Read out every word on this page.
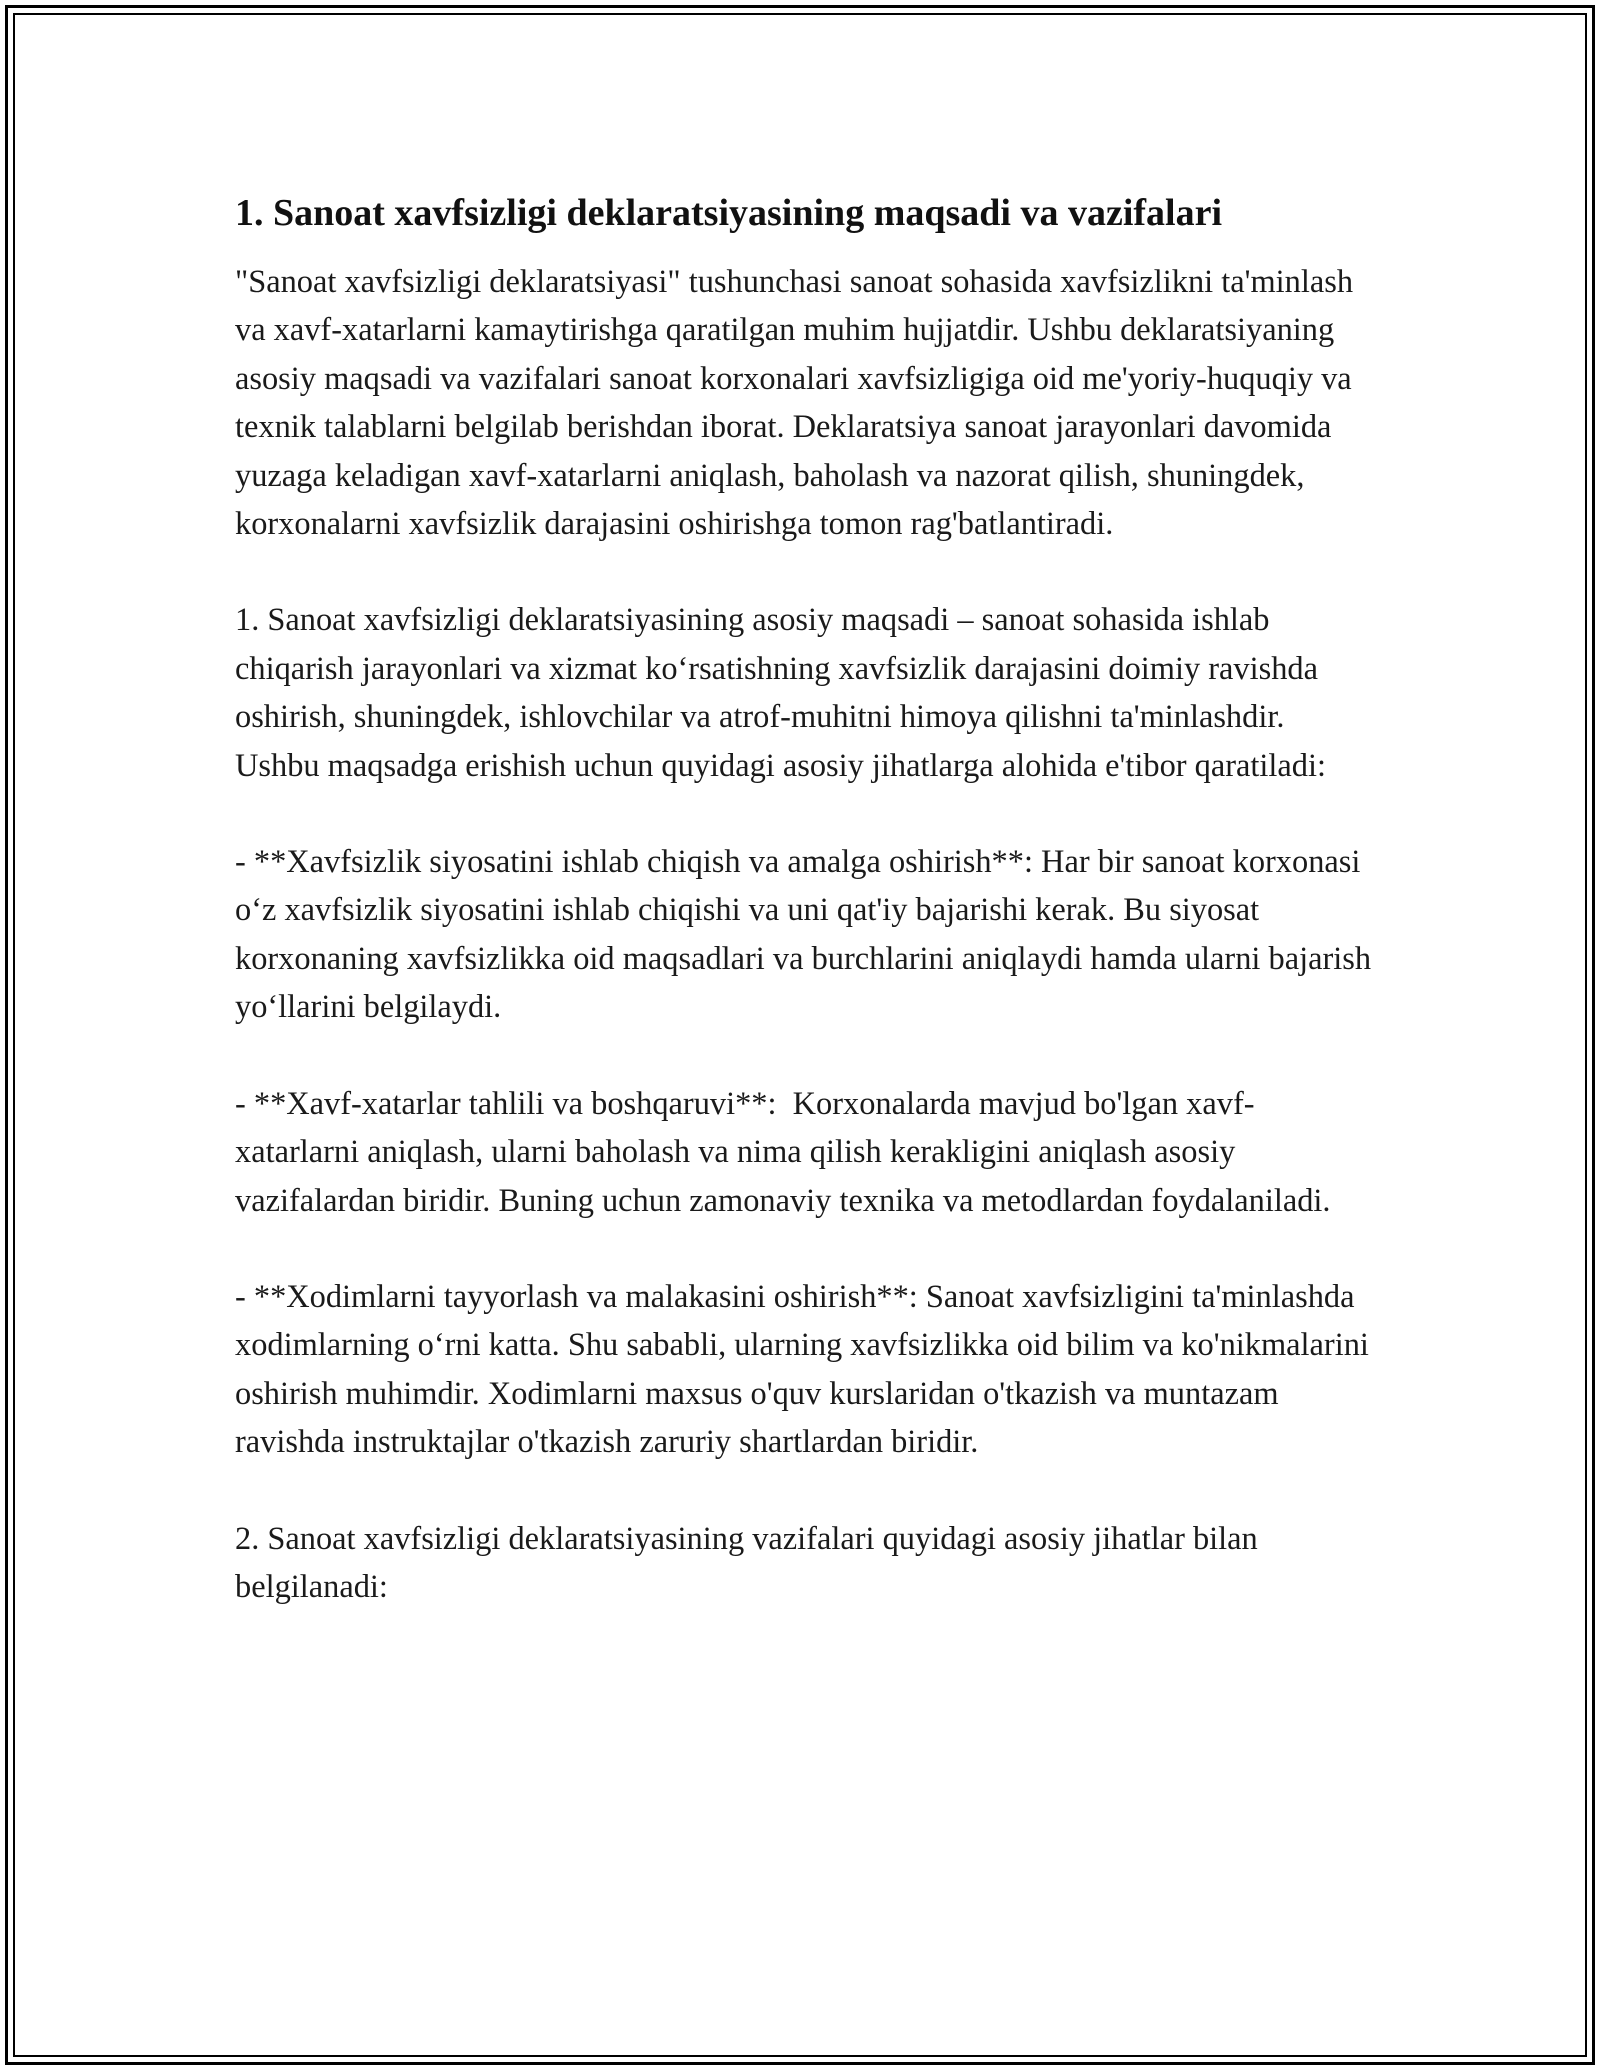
1. Sanoat xavfsizligi deklaratsiyasining maqsadi va vazifalari

"Sanoat xavfsizligi deklaratsiyasi" tushunchasi sanoat sohasida xavfsizlikni ta'minlash va xavf-xatarlarni kamaytirishga qaratilgan muhim hujjatdir. Ushbu deklaratsiyaning asosiy maqsadi va vazifalari sanoat korxonalari xavfsizligiga oid me'yoriy-huquqiy va texnik talablarni belgilab berishdan iborat. Deklaratsiya sanoat jarayonlari davomida yuzaga keladigan xavf-xatarlarni aniqlash, baholash va nazorat qilish, shuningdek, korxonalarni xavfsizlik darajasini oshirishga tomon rag'batlantiradi.

1. Sanoat xavfsizligi deklaratsiyasining asosiy maqsadi – sanoat sohasida ishlab chiqarish jarayonlari va xizmat koʻrsatishning xavfsizlik darajasini doimiy ravishda oshirish, shuningdek, ishlovchilar va atrof-muhitni himoya qilishni ta'minlashdir. Ushbu maqsadga erishish uchun quyidagi asosiy jihatlarga alohida e'tibor qaratiladi:

- **Xavfsizlik siyosatini ishlab chiqish va amalga oshirish**: Har bir sanoat korxonasi oʻz xavfsizlik siyosatini ishlab chiqishi va uni qat'iy bajarishi kerak. Bu siyosat korxonaning xavfsizlikka oid maqsadlari va burchlarini aniqlaydi hamda ularni bajarish yoʻllarini belgilaydi.

- **Xavf-xatarlar tahlili va boshqaruvi**:  Korxonalarda mavjud bo'lgan xavf-xatarlarni aniqlash, ularni baholash va nima qilish kerakligini aniqlash asosiy vazifalardan biridir. Buning uchun zamonaviy texnika va metodlardan foydalaniladi.

- **Xodimlarni tayyorlash va malakasini oshirish**: Sanoat xavfsizligini ta'minlashda xodimlarning oʻrni katta. Shu sababli, ularning xavfsizlikka oid bilim va ko'nikmalarini oshirish muhimdir. Xodimlarni maxsus o'quv kurslaridan o'tkazish va muntazam ravishda instruktajlar o'tkazish zaruriy shartlardan biridir.

2. Sanoat xavfsizligi deklaratsiyasining vazifalari quyidagi asosiy jihatlar bilan belgilanadi:
